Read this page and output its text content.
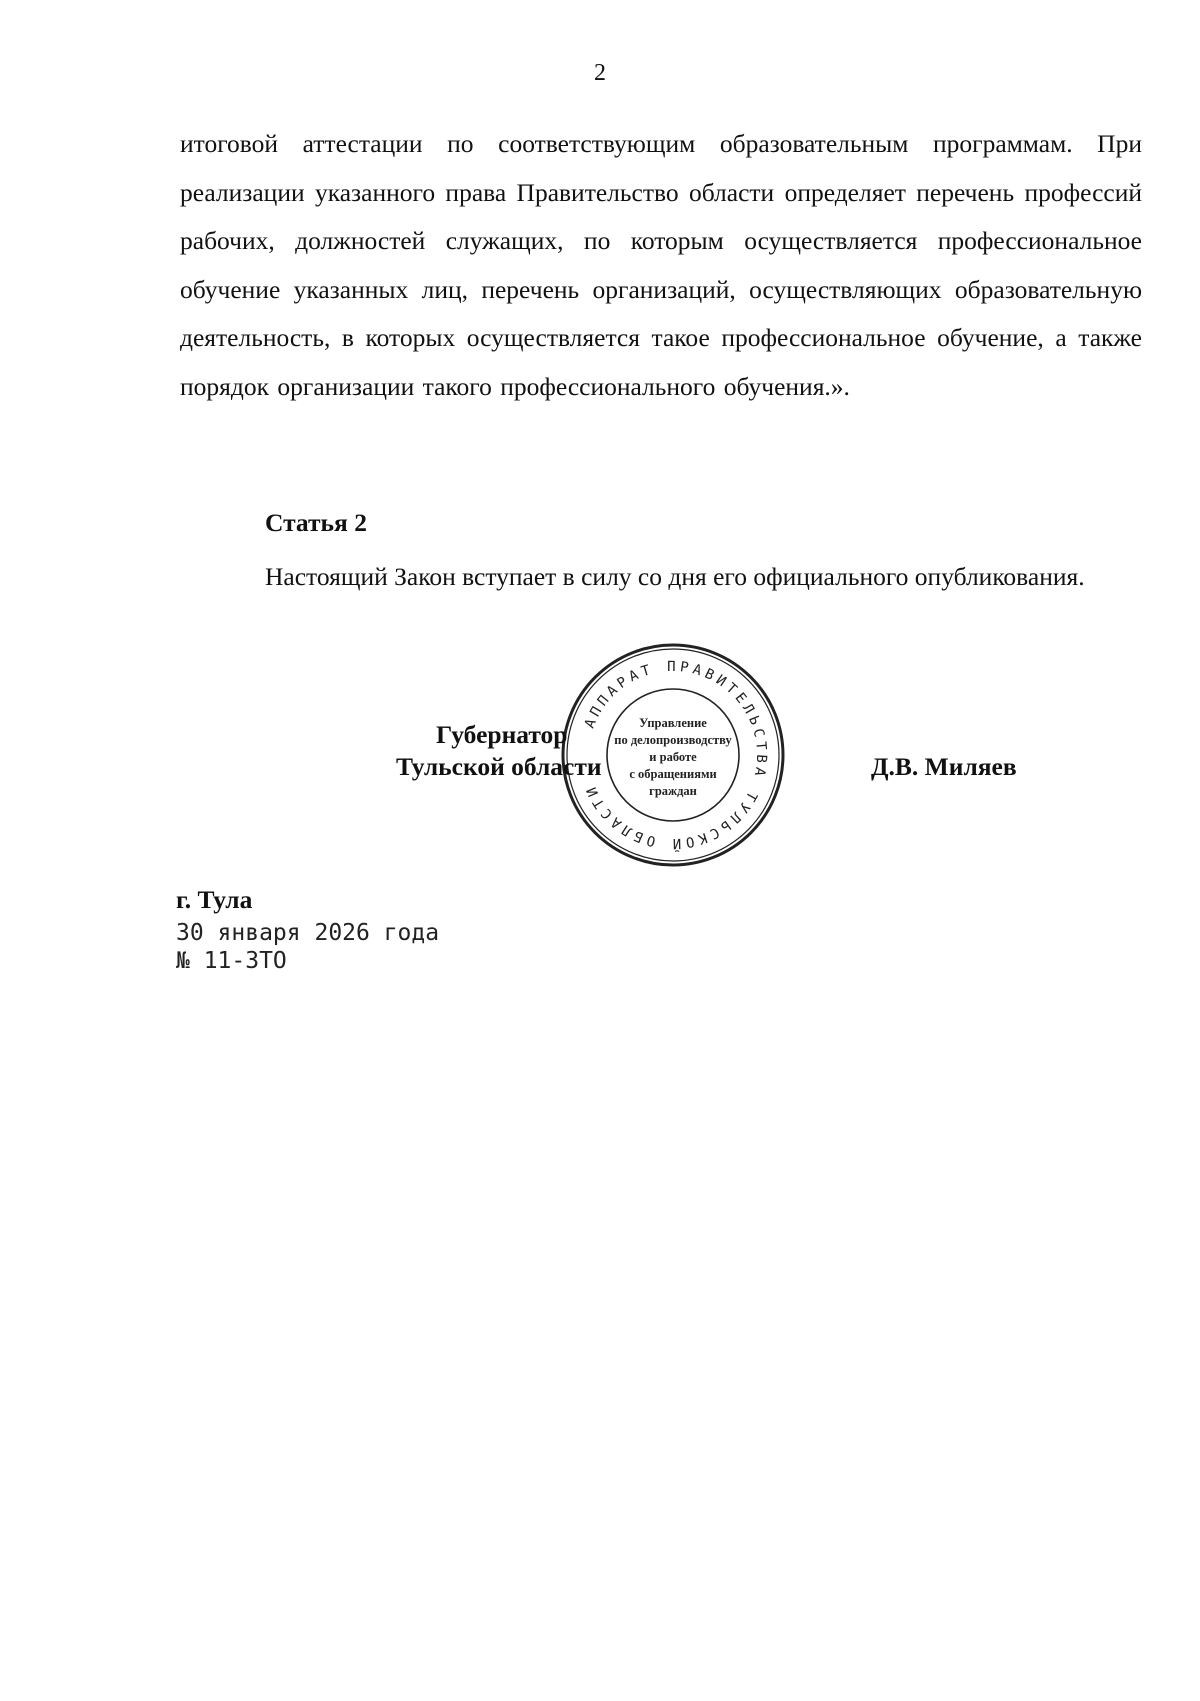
2

итоговой аттестации по соответствующим образовательным программам. При реализации указанного права Правительство области определяет перечень профессий рабочих, должностей служащих, по которым осуществляется профессиональное обучение указанных лиц, перечень организаций, осуществляющих образовательную деятельность, в которых осуществляется такое профессиональное обучение, а также порядок организации такого профессионального обучения.».

Статья 2

Настоящий Закон вступает в силу со дня его официального опубликования.

АППАРАТ ПРАВИТЕЛЬСТВА ТУЛЬСКОЙ ОБЛАСТИ
Управление
по делопроизводству
и работе
с обращениями
граждан
Губернатор
Тульской области	Д.В. Миляев
г. Тула
30 января 2026 года
№ 11-ЗТО
